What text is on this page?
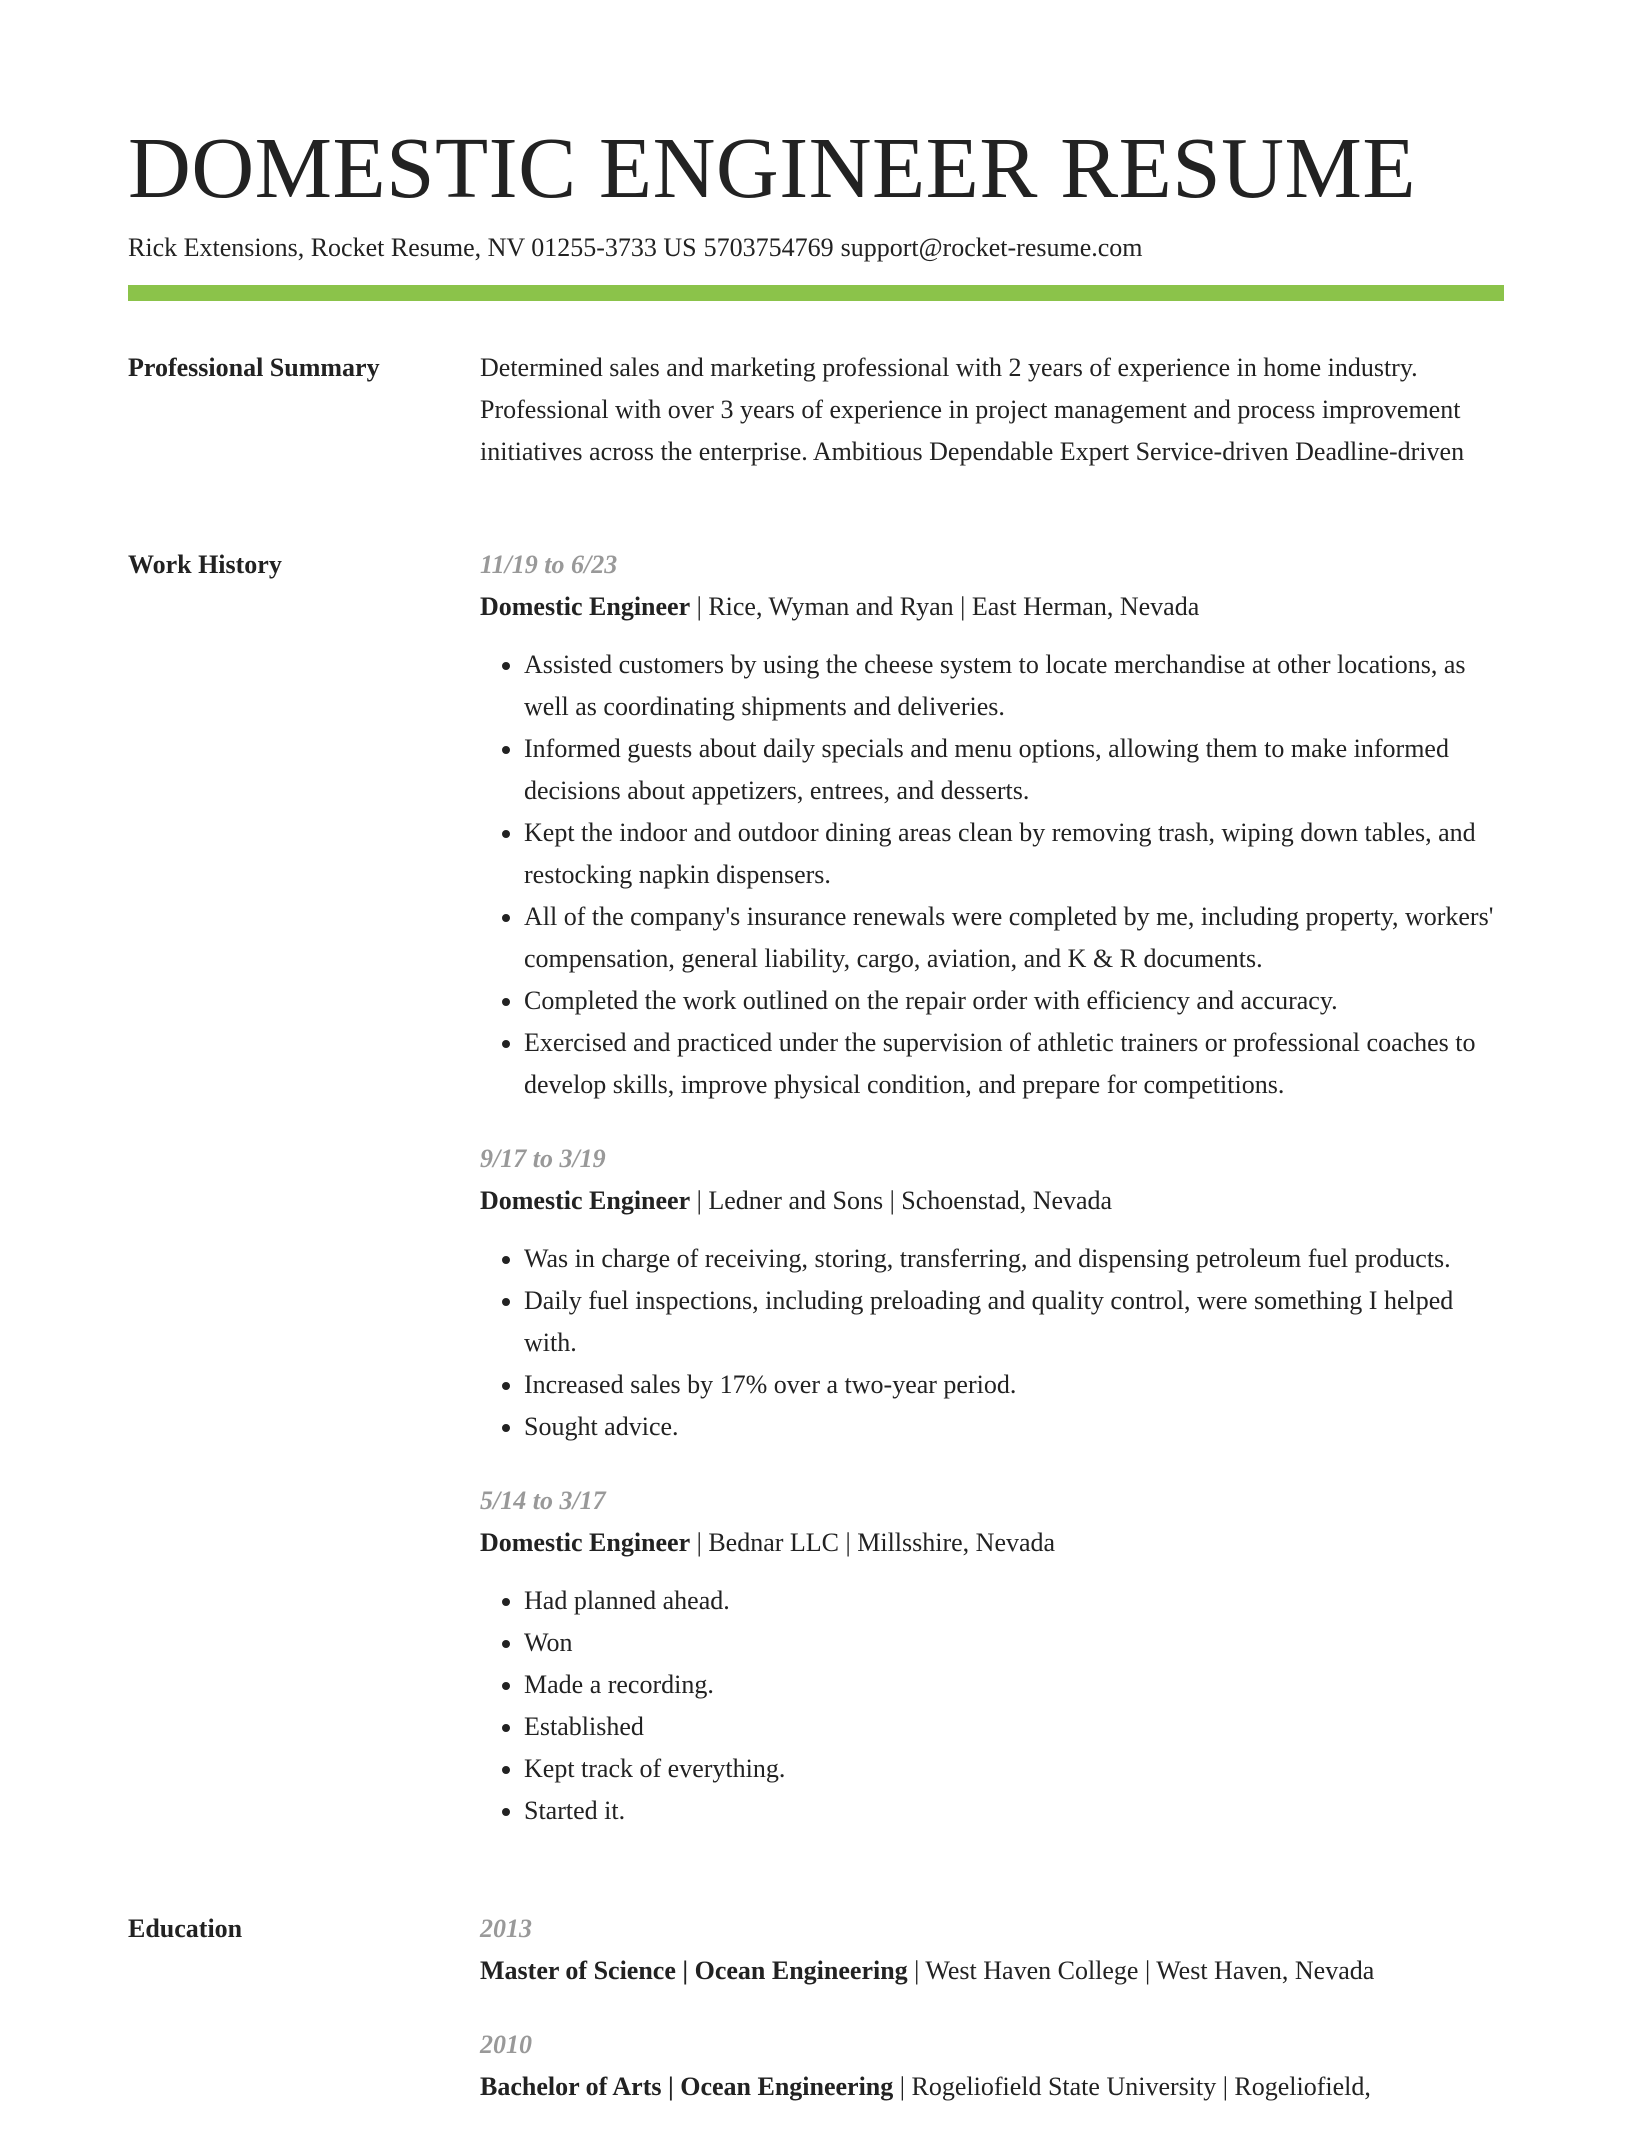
DOMESTIC ENGINEER RESUME
Rick Extensions, Rocket Resume, NV 01255-3733 US 5703754769 support@rocket-resume.com
Professional Summary	Determined sales and marketing professional with 2 years of experience in home industry. Professional with over 3 years of experience in project management and process improvement initiatives across the enterprise. Ambitious Dependable Expert Service-driven Deadline-driven

Work History	11/19 to 6/23
Domestic Engineer | Rice, Wyman and Ryan | East Herman, Nevada
• Assisted customers by using the cheese system to locate merchandise at other locations, as well as coordinating shipments and deliveries.
• Informed guests about daily specials and menu options, allowing them to make informed decisions about appetizers, entrees, and desserts.
• Kept the indoor and outdoor dining areas clean by removing trash, wiping down tables, and restocking napkin dispensers.
• All of the company's insurance renewals were completed by me, including property, workers' compensation, general liability, cargo, aviation, and K & R documents.
• Completed the work outlined on the repair order with efficiency and accuracy.
• Exercised and practiced under the supervision of athletic trainers or professional coaches to develop skills, improve physical condition, and prepare for competitions.
9/17 to 3/19
Domestic Engineer | Ledner and Sons | Schoenstad, Nevada
• Was in charge of receiving, storing, transferring, and dispensing petroleum fuel products.
• Daily fuel inspections, including preloading and quality control, were something I helped with.
• Increased sales by 17% over a two-year period.
• Sought advice.
5/14 to 3/17
Domestic Engineer | Bednar LLC | Millsshire, Nevada
• Had planned ahead.
• Won
• Made a recording.
• Established
• Kept track of everything.
• Started it.
Education	2013
Master of Science | Ocean Engineering | West Haven College | West Haven, Nevada
2010
Bachelor of Arts | Ocean Engineering | Rogeliofield State University | Rogeliofield,
